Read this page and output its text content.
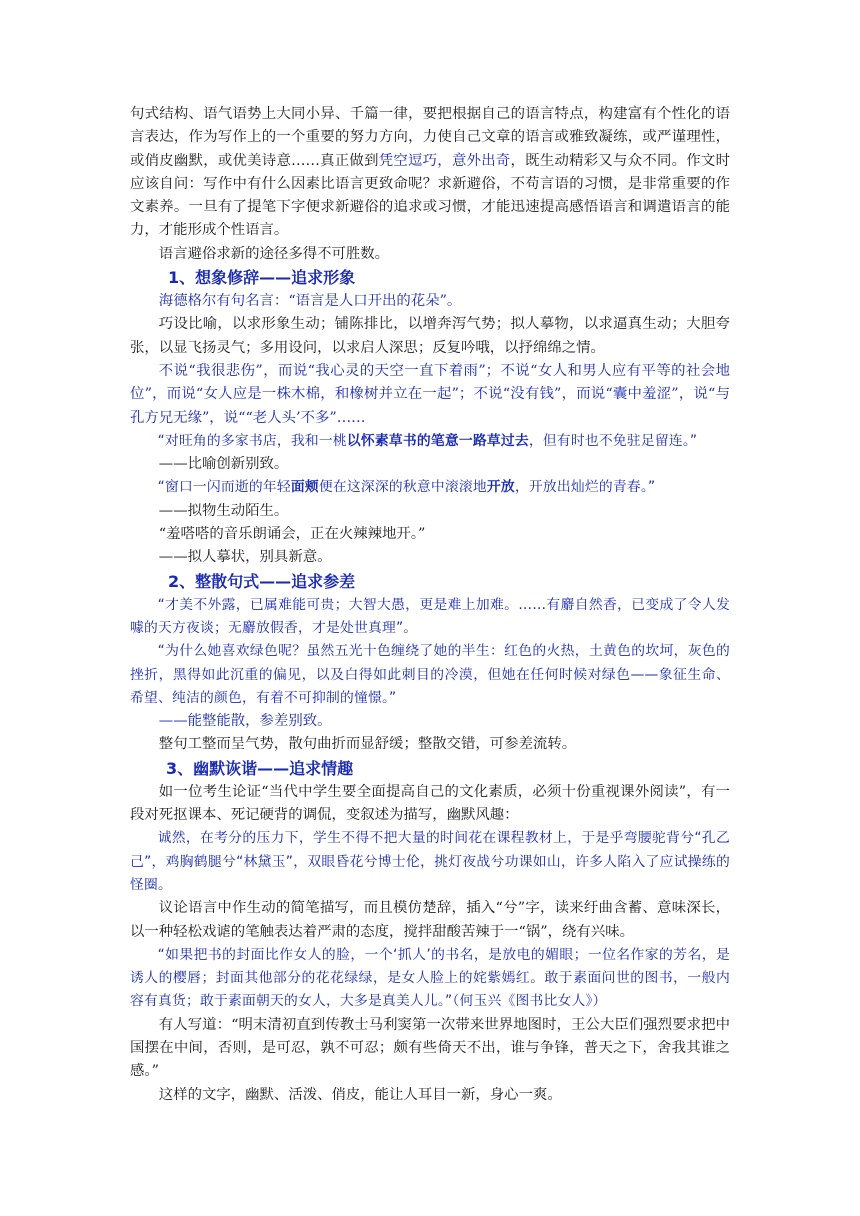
句式结构、语气语势上大同小异、千篇一律，要把根据自己的语言特点，构建富有个性化的语言表达，作为写作上的一个重要的努力方向，力使自己文章的语言或雅致凝练，或严谨理性，或俏皮幽默，或优美诗意……真正做到凭空逗巧，意外出奇，既生动精彩又与众不同。作文时应该自问：写作中有什么因素比语言更致命呢？求新避俗，不苟言语的习惯，是非常重要的作文素养。一旦有了提笔下字便求新避俗的追求或习惯，才能迅速提高感悟语言和调遣语言的能力，才能形成个性语言。

语言避俗求新的途径多得不可胜数。

1、想象修辞——追求形象

海德格尔有句名言：“语言是人口开出的花朵”。

巧设比喻，以求形象生动；铺陈排比，以增奔泻气势；拟人摹物，以求逼真生动；大胆夸张，以显飞扬灵气；多用设问，以求启人深思；反复吟哦，以抒绵绵之情。

不说“我很悲伤”，而说“我心灵的天空一直下着雨”；不说“女人和男人应有平等的社会地位”，而说“女人应是一株木棉，和橡树并立在一起”；不说“没有钱”，而说“囊中羞涩”，说“与孔方兄无缘”，说““老人头’不多”……

“对旺角的多家书店，我和一桃以怀素草书的笔意一路草过去，但有时也不免驻足留连。”

——比喻创新别致。

“窗口一闪而逝的年轻面颊便在这深深的秋意中滚滚地开放，开放出灿烂的青春。”

——拟物生动陌生。

“羞嗒嗒的音乐朗诵会，正在火辣辣地开。”

——拟人摹状，别具新意。

2、整散句式——追求参差

“才美不外露，已属难能可贵；大智大愚，更是难上加难。……有麝自然香，已变成了令人发噱的天方夜谈；无麝放假香，才是处世真理”。

“为什么她喜欢绿色呢？虽然五光十色缠绕了她的半生：红色的火热，土黄色的坎坷，灰色的挫折，黑得如此沉重的偏见，以及白得如此刺目的冷漠，但她在任何时候对绿色——象征生命、希望、纯洁的颜色，有着不可抑制的憧憬。”

——能整能散，参差别致。

整句工整而呈气势，散句曲折而显舒缓；整散交错，可参差流转。

3、幽默诙谐——追求情趣

如一位考生论证“当代中学生要全面提高自己的文化素质，必须十份重视课外阅读”，有一段对死抠课本、死记硬背的调侃，变叙述为描写，幽默风趣：

诚然，在考分的压力下，学生不得不把大量的时间花在课程教材上，于是乎弯腰驼背兮“孔乙己”，鸡胸鹤腿兮“林黛玉”，双眼昏花兮博士伦，挑灯夜战兮功课如山，许多人陷入了应试操练的怪圈。

议论语言中作生动的简笔描写，而且模仿楚辞，插入“兮”字，读来纡曲含蓄、意味深长，以一种轻松戏谑的笔触表达着严肃的态度，搅拌甜酸苦辣于一“锅”，绕有兴味。

“如果把书的封面比作女人的脸，一个‘抓人’的书名，是放电的媚眼；一位名作家的芳名，是诱人的樱唇；封面其他部分的花花绿绿，是女人脸上的姹紫嫣红。敢于素面问世的图书，一般内容有真货；敢于素面朝天的女人，大多是真美人儿。”（何玉兴《图书比女人》）

有人写道：“明末清初直到传教士马利窦第一次带来世界地图时，王公大臣们强烈要求把中国摆在中间，否则，是可忍，孰不可忍；颇有些倚天不出，谁与争锋，普天之下，舍我其谁之感。”

这样的文字，幽默、活泼、俏皮，能让人耳目一新，身心一爽。
